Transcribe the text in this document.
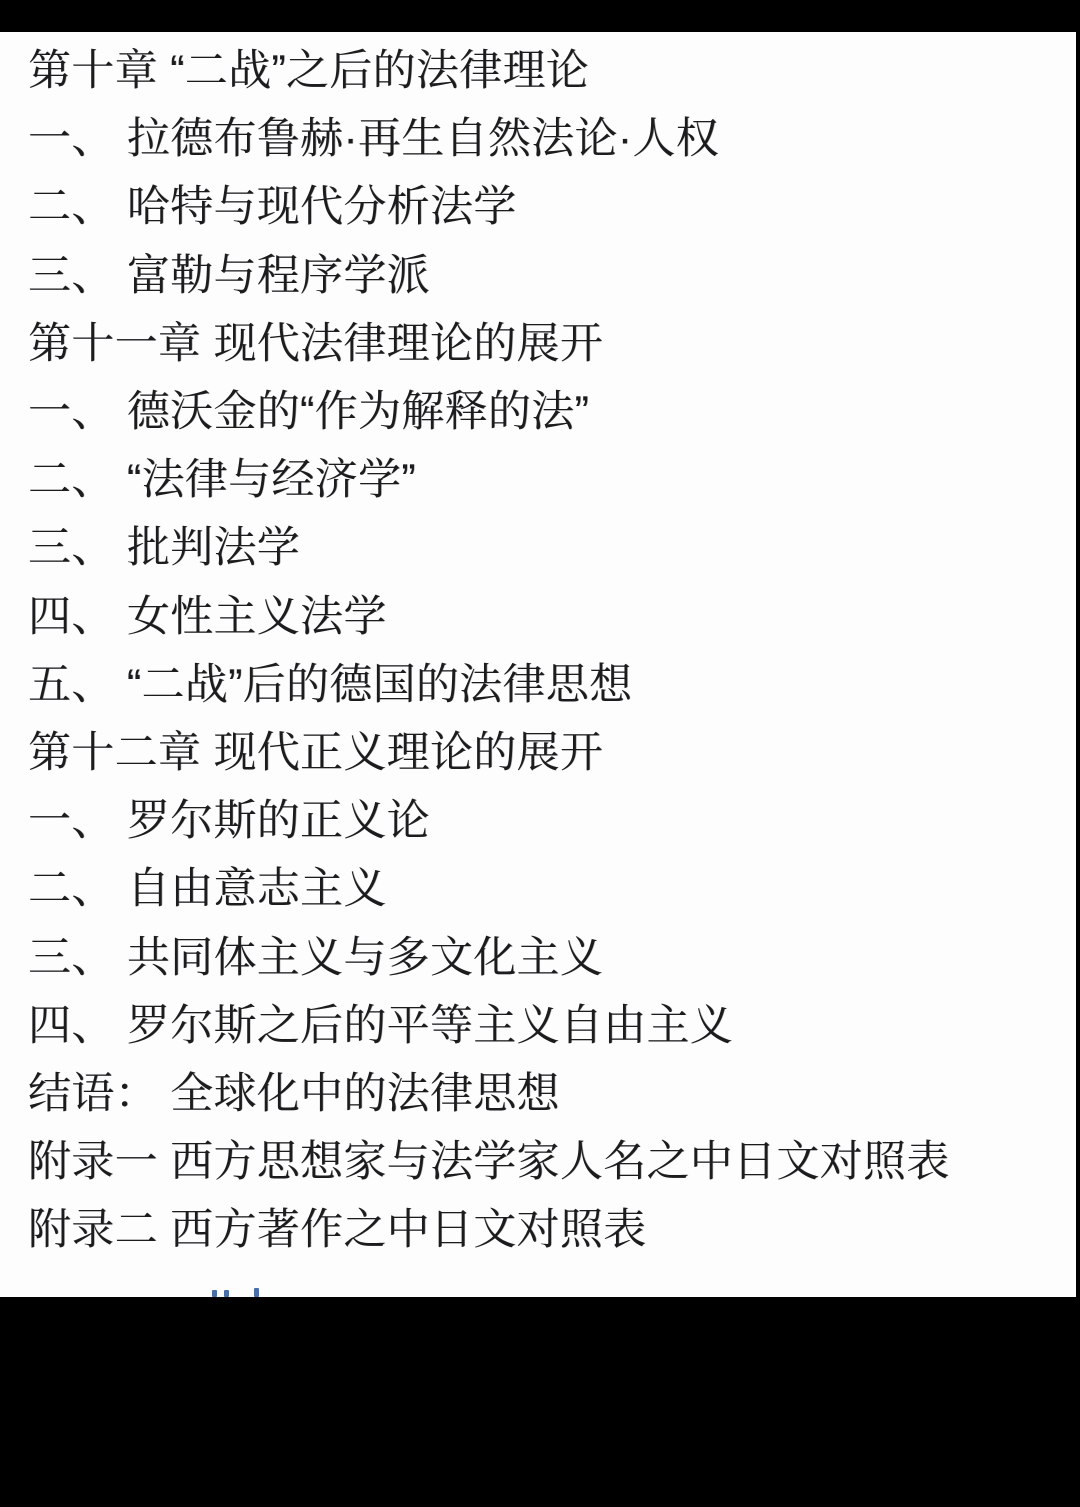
第十章 “二战”之后的法律理论
一、 拉德布鲁赫·再生自然法论·人权
二、 哈特与现代分析法学
三、 富勒与程序学派
第十一章 现代法律理论的展开
一、 德沃金的“作为解释的法”
二、 “法律与经济学”
三、 批判法学
四、 女性主义法学
五、 “二战”后的德国的法律思想
第十二章 现代正义理论的展开
一、 罗尔斯的正义论
二、 自由意志主义
三、 共同体主义与多文化主义
四、 罗尔斯之后的平等主义自由主义
结语： 全球化中的法律思想
附录一 西方思想家与法学家人名之中日文对照表
附录二 西方著作之中日文对照表
